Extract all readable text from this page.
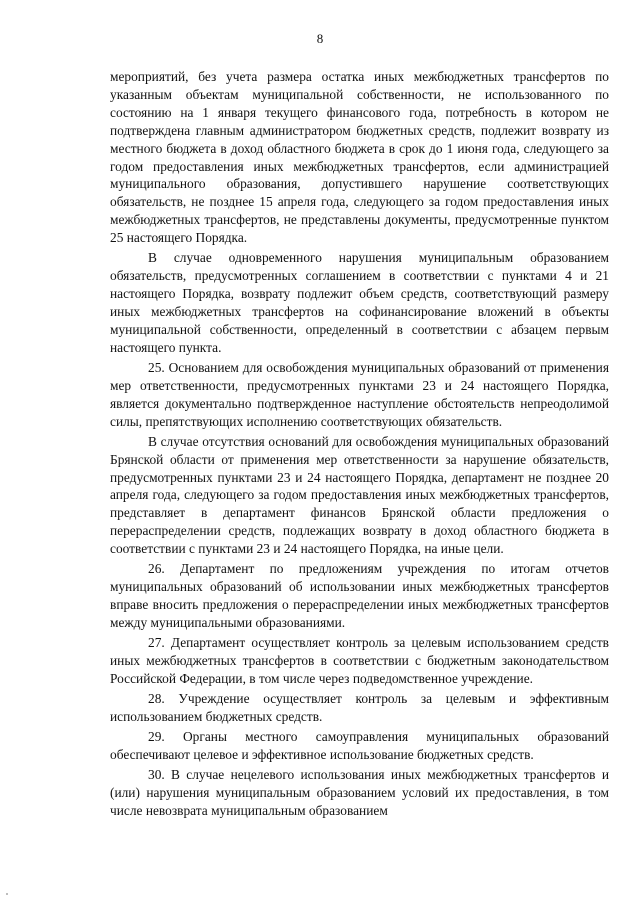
8

мероприятий, без учета размера остатка иных межбюджетных трансфертов по указанным объектам муниципальной собственности, не использованного по состоянию на 1 января текущего финансового года, потребность в котором не подтверждена главным администратором бюджетных средств, подлежит возврату из местного бюджета в доход областного бюджета в срок до 1 июня года, следующего за годом предоставления иных межбюджетных трансфертов, если администрацией муниципального образования, допустившего нарушение соответствующих обязательств, не позднее 15 апреля года, следующего за годом предоставления иных межбюджетных трансфертов, не представлены документы, предусмотренные пунктом 25 настоящего Порядка.

В случае одновременного нарушения муниципальным образованием обязательств, предусмотренных соглашением в соответствии с пунктами 4 и 21 настоящего Порядка, возврату подлежит объем средств, соответствующий размеру иных межбюджетных трансфертов на софинансирование вложений в объекты муниципальной собственности, определенный в соответствии с абзацем первым настоящего пункта.

25. Основанием для освобождения муниципальных образований от применения мер ответственности, предусмотренных пунктами 23 и 24 настоящего Порядка, является документально подтвержденное наступление обстоятельств непреодолимой силы, препятствующих исполнению соответствующих обязательств.

В случае отсутствия оснований для освобождения муниципальных образований Брянской области от применения мер ответственности за нарушение обязательств, предусмотренных пунктами 23 и 24 настоящего Порядка, департамент не позднее 20 апреля года, следующего за годом предоставления иных межбюджетных трансфертов, представляет в департамент финансов Брянской области предложения о перераспределении средств, подлежащих возврату в доход областного бюджета в соответствии с пунктами 23 и 24 настоящего Порядка, на иные цели.

26. Департамент по предложениям учреждения по итогам отчетов муниципальных образований об использовании иных межбюджетных трансфертов вправе вносить предложения о перераспределении иных межбюджетных трансфертов между муниципальными образованиями.

27. Департамент осуществляет контроль за целевым использованием средств иных межбюджетных трансфертов в соответствии с бюджетным законодательством Российской Федерации, в том числе через подведомственное учреждение.

28. Учреждение осуществляет контроль за целевым и эффективным использованием бюджетных средств.

29. Органы местного самоуправления муниципальных образований обеспечивают целевое и эффективное использование бюджетных средств.

30. В случае нецелевого использования иных межбюджетных трансфертов и (или) нарушения муниципальным образованием условий их предоставления, в том числе невозврата муниципальным образованием
